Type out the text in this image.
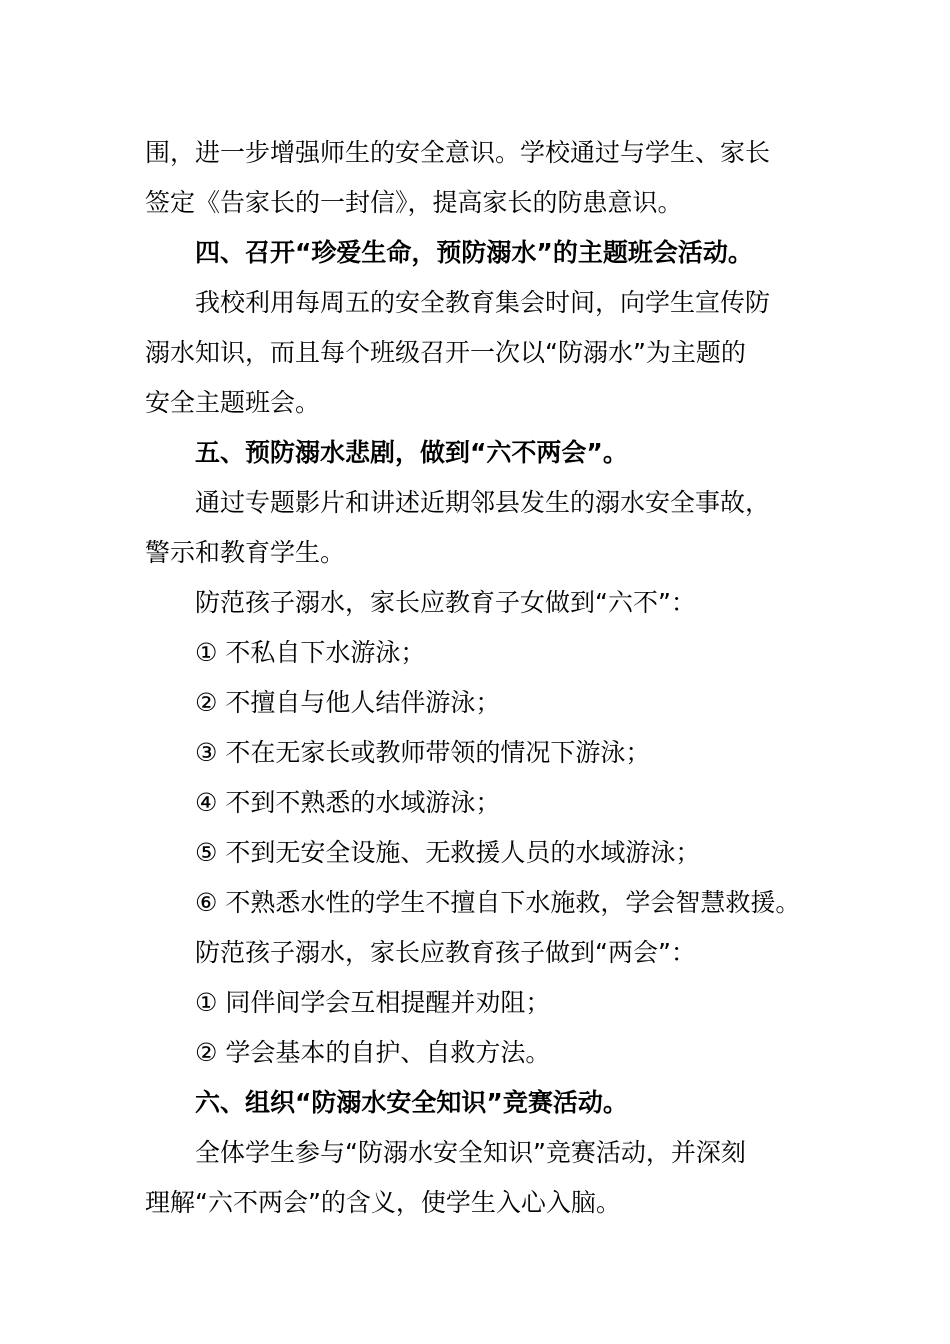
围，进一步增强师生的安全意识。学校通过与学生、家长
签定《告家长的一封信》，提高家长的防患意识。
四、召开“珍爱生命，预防溺水”的主题班会活动。
我校利用每周五的安全教育集会时间，向学生宣传防
溺水知识，而且每个班级召开一次以“防溺水”为主题的
安全主题班会。
五、预防溺水悲剧，做到“六不两会”。
通过专题影片和讲述近期邻县发生的溺水安全事故，
警示和教育学生。
防范孩子溺水，家长应教育子女做到“六不”：
① 不私自下水游泳；
② 不擅自与他人结伴游泳；
③ 不在无家长或教师带领的情况下游泳；
④ 不到不熟悉的水域游泳；
⑤ 不到无安全设施、无救援人员的水域游泳；
⑥ 不熟悉水性的学生不擅自下水施救，学会智慧救援。
防范孩子溺水，家长应教育孩子做到“两会”：
① 同伴间学会互相提醒并劝阻；
② 学会基本的自护、自救方法。
六、组织“防溺水安全知识”竞赛活动。
全体学生参与“防溺水安全知识”竞赛活动，并深刻
理解“六不两会”的含义，使学生入心入脑。
